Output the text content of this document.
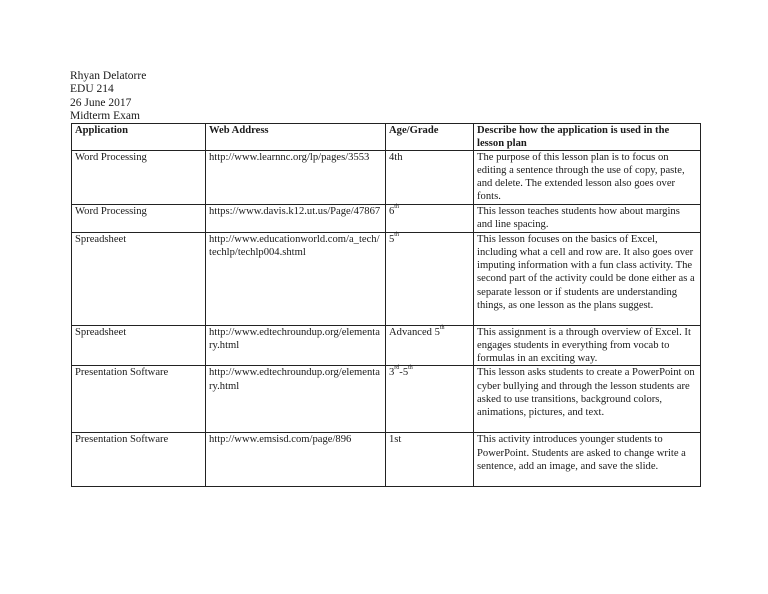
Rhyan Delatorre
EDU 214
26 June 2017
Midterm Exam
Application	Web Address	Age/Grade	Describe how the application is used in the lesson plan
Word Processing	http://www.learnnc.org/lp/pages/3553	4th	The purpose of this lesson plan is to focus on editing a sentence through the use of copy, paste, and delete. The extended lesson also goes over fonts.
Word Processing	https://www.davis.k12.ut.us/Page/47867	6th	This lesson teaches students how about margins and line spacing.
Spreadsheet	http://www.educationworld.com/a_tech/techlp/techlp004.shtml	5th	This lesson focuses on the basics of Excel, including what a cell and row are. It also goes over imputing information with a fun class activity. The second part of the activity could be done either as a separate lesson or if students are understanding things, as one lesson as the plans suggest.
Spreadsheet	http://www.edtechroundup.org/elementary.html	Advanced 5th	This assignment is a through overview of Excel. It engages students in everything from vocab to formulas in an exciting way.
Presentation Software	http://www.edtechroundup.org/elementary.html	3rd-5th	This lesson asks students to create a PowerPoint on cyber bullying and through the lesson students are asked to use transitions, background colors, animations, pictures, and text.
Presentation Software	http://www.emsisd.com/page/896	1st	This activity introduces younger students to PowerPoint. Students are asked to change write a sentence, add an image, and save the slide.
